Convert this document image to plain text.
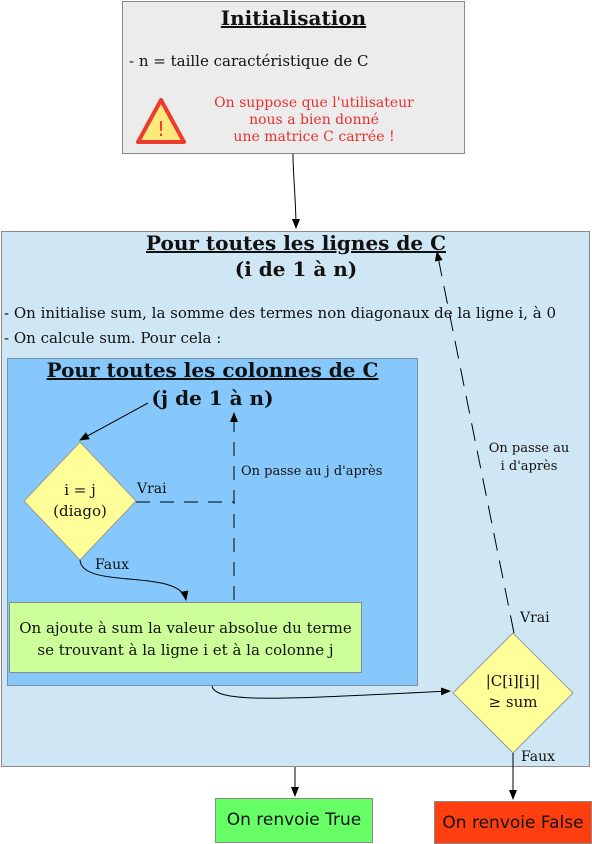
Initialisation
- n = taille caractéristique de C
!
On suppose que l'utilisateur
nous a bien donné
une matrice C carrée !
Pour toutes les lignes de C
(i de 1 à n)
- On initialise sum, la somme des termes non diagonaux de la ligne i, à 0
- On calcule sum. Pour cela :
Pour toutes les colonnes de C
(j de 1 à n)
On ajoute à sum la valeur absolue du terme
se trouvant à la ligne i et à la colonne j
i = j
(diago)
|C[i][i]|
≥ sum
Vrai
Faux
On passe au j d'après
On passe au
i d'après
Vrai
Faux
On renvoie True	On renvoie False
